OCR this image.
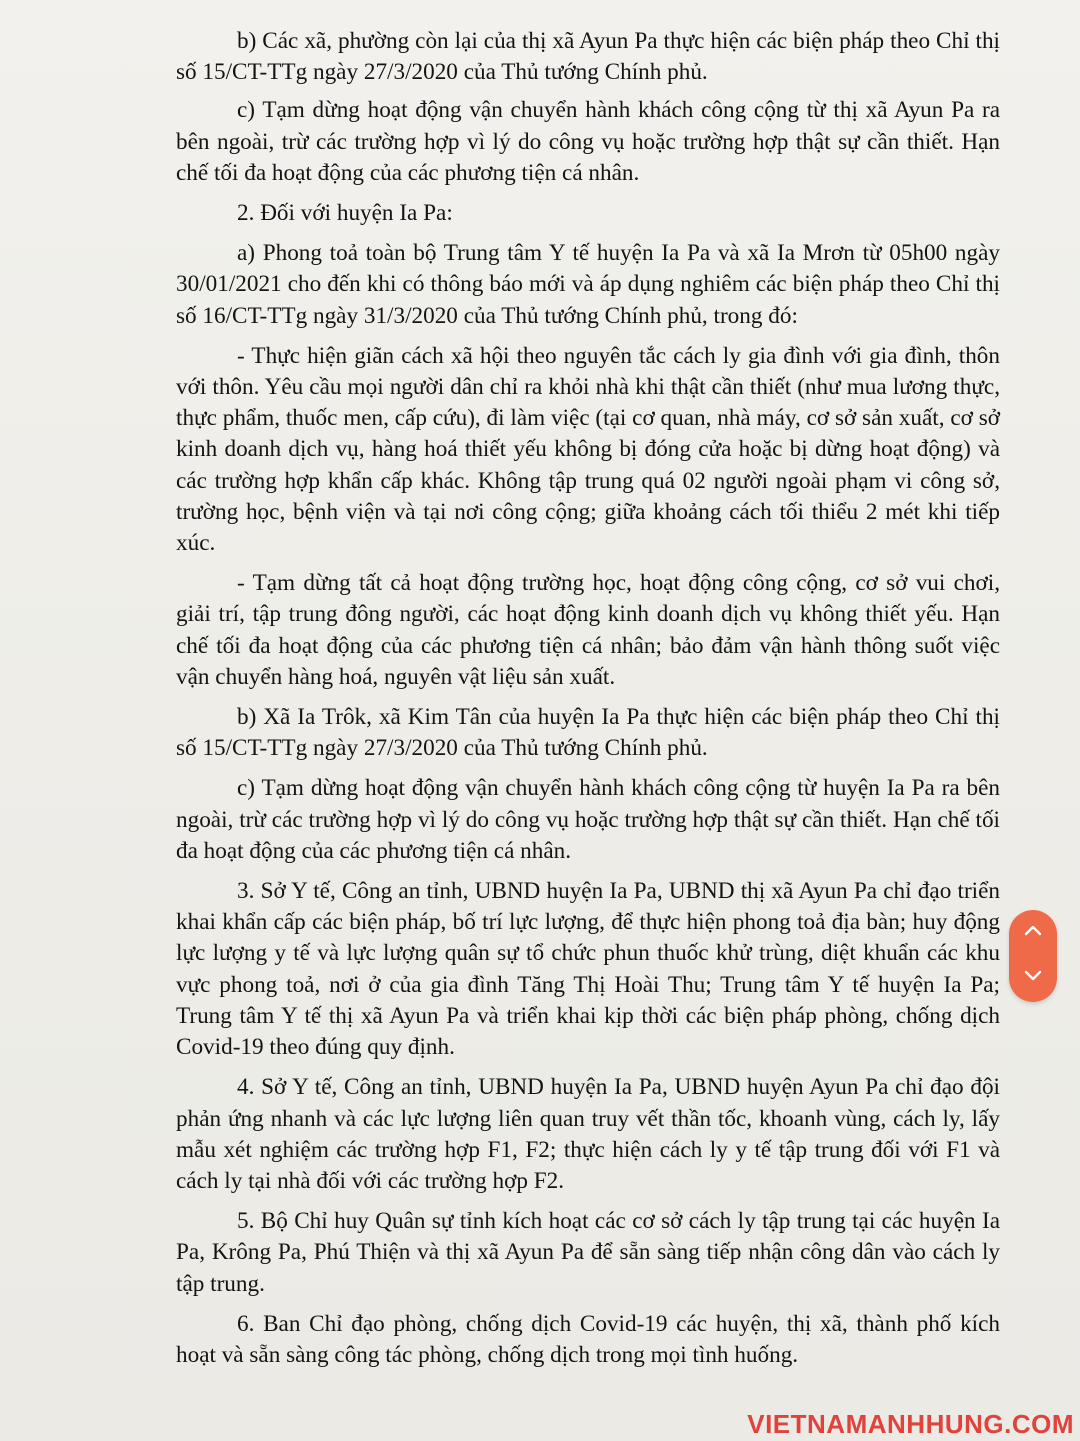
b) Các xã, phường còn lại của thị xã Ayun Pa thực hiện các biện pháp theo Chỉ thị số 15/CT-TTg ngày 27/3/2020 của Thủ tướng Chính phủ.

c) Tạm dừng hoạt động vận chuyển hành khách công cộng từ thị xã Ayun Pa ra bên ngoài, trừ các trường hợp vì lý do công vụ hoặc trường hợp thật sự cần thiết. Hạn chế tối đa hoạt động của các phương tiện cá nhân.

2. Đối với huyện Ia Pa:

a) Phong toả toàn bộ Trung tâm Y tế huyện Ia Pa và xã Ia Mrơn từ 05h00 ngày 30/01/2021 cho đến khi có thông báo mới và áp dụng nghiêm các biện pháp theo Chỉ thị số 16/CT-TTg ngày 31/3/2020 của Thủ tướng Chính phủ, trong đó:

- Thực hiện giãn cách xã hội theo nguyên tắc cách ly gia đình với gia đình, thôn với thôn. Yêu cầu mọi người dân chỉ ra khỏi nhà khi thật cần thiết (như mua lương thực, thực phẩm, thuốc men, cấp cứu), đi làm việc (tại cơ quan, nhà máy, cơ sở sản xuất, cơ sở kinh doanh dịch vụ, hàng hoá thiết yếu không bị đóng cửa hoặc bị dừng hoạt động) và các trường hợp khẩn cấp khác. Không tập trung quá 02 người ngoài phạm vi công sở, trường học, bệnh viện và tại nơi công cộng; giữa khoảng cách tối thiểu 2 mét khi tiếp xúc.

- Tạm dừng tất cả hoạt động trường học, hoạt động công cộng, cơ sở vui chơi, giải trí, tập trung đông người, các hoạt động kinh doanh dịch vụ không thiết yếu. Hạn chế tối đa hoạt động của các phương tiện cá nhân; bảo đảm vận hành thông suốt việc vận chuyển hàng hoá, nguyên vật liệu sản xuất.

b) Xã Ia Trôk, xã Kim Tân của huyện Ia Pa thực hiện các biện pháp theo Chỉ thị số 15/CT-TTg ngày 27/3/2020 của Thủ tướng Chính phủ.

c) Tạm dừng hoạt động vận chuyển hành khách công cộng từ huyện Ia Pa ra bên ngoài, trừ các trường hợp vì lý do công vụ hoặc trường hợp thật sự cần thiết. Hạn chế tối đa hoạt động của các phương tiện cá nhân.

3. Sở Y tế, Công an tỉnh, UBND huyện Ia Pa, UBND thị xã Ayun Pa chỉ đạo triển khai khẩn cấp các biện pháp, bố trí lực lượng, để thực hiện phong toả địa bàn; huy động lực lượng y tế và lực lượng quân sự tổ chức phun thuốc khử trùng, diệt khuẩn các khu vực phong toả, nơi ở của gia đình Tăng Thị Hoài Thu; Trung tâm Y tế huyện Ia Pa; Trung tâm Y tế thị xã Ayun Pa và triển khai kịp thời các biện pháp phòng, chống dịch Covid-19 theo đúng quy định.

4. Sở Y tế, Công an tỉnh, UBND huyện Ia Pa, UBND huyện Ayun Pa chỉ đạo đội phản ứng nhanh và các lực lượng liên quan truy vết thần tốc, khoanh vùng, cách ly, lấy mẫu xét nghiệm các trường hợp F1, F2; thực hiện cách ly y tế tập trung đối với F1 và cách ly tại nhà đối với các trường hợp F2.

5. Bộ Chỉ huy Quân sự tỉnh kích hoạt các cơ sở cách ly tập trung tại các huyện Ia Pa, Krông Pa, Phú Thiện và thị xã Ayun Pa để sẵn sàng tiếp nhận công dân vào cách ly tập trung.

6. Ban Chỉ đạo phòng, chống dịch Covid-19 các huyện, thị xã, thành phố kích hoạt và sẵn sàng công tác phòng, chống dịch trong mọi tình huống.

VIETNAMANHHUNG.COM
